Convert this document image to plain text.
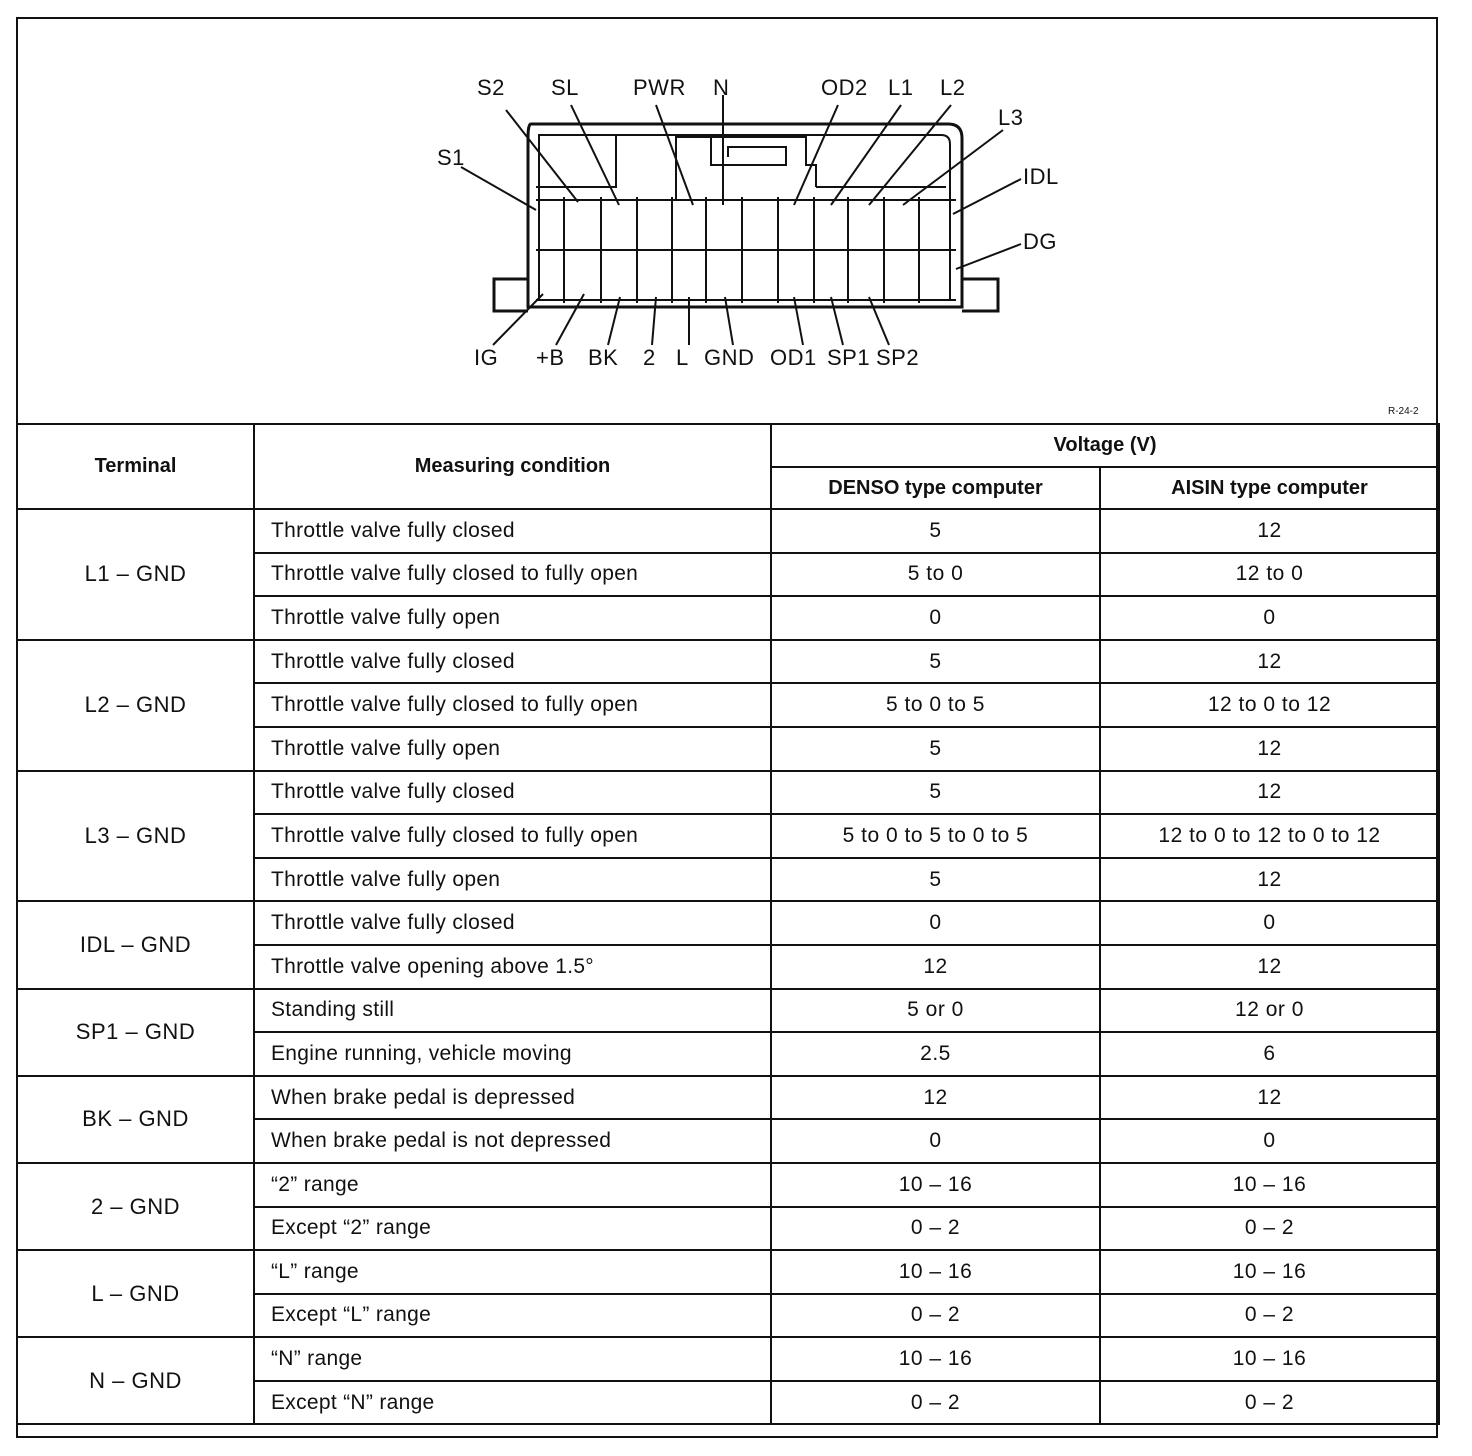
S2 SL PWR N	OD2 L1 L2
L3
S1
IDL
DG
IG +B BK 2 L GND OD1 SP1 SP2
R-24-2
Terminal	Measuring condition	Voltage (V)	
		DENSO type computer	AISIN type computer
L1 – GND	Throttle valve fully closed	5	12
	Throttle valve fully closed to fully open	5 to 0	12 to 0
	Throttle valve fully open	0	0
L2 – GND	Throttle valve fully closed	5	12
	Throttle valve fully closed to fully open	5 to 0 to 5	12 to 0 to 12
	Throttle valve fully open	5	12
L3 – GND	Throttle valve fully closed	5	12
	Throttle valve fully closed to fully open	5 to 0 to 5 to 0 to 5	12 to 0 to 12 to 0 to 12
	Throttle valve fully open	5	12
IDL – GND	Throttle valve fully closed	0	0
	Throttle valve opening above 1.5°	12	12
SP1 – GND	Standing still	5 or 0	12 or 0
	Engine running, vehicle moving	2.5	6
BK – GND	When brake pedal is depressed	12	12
	When brake pedal is not depressed	0	0
2 – GND	“2” range	10 – 16	10 – 16
	Except “2” range	0 – 2	0 – 2
L – GND	“L” range	10 – 16	10 – 16
	Except “L” range	0 – 2	0 – 2
N – GND	“N” range	10 – 16	10 – 16
	Except “N” range	0 – 2	0 – 2
